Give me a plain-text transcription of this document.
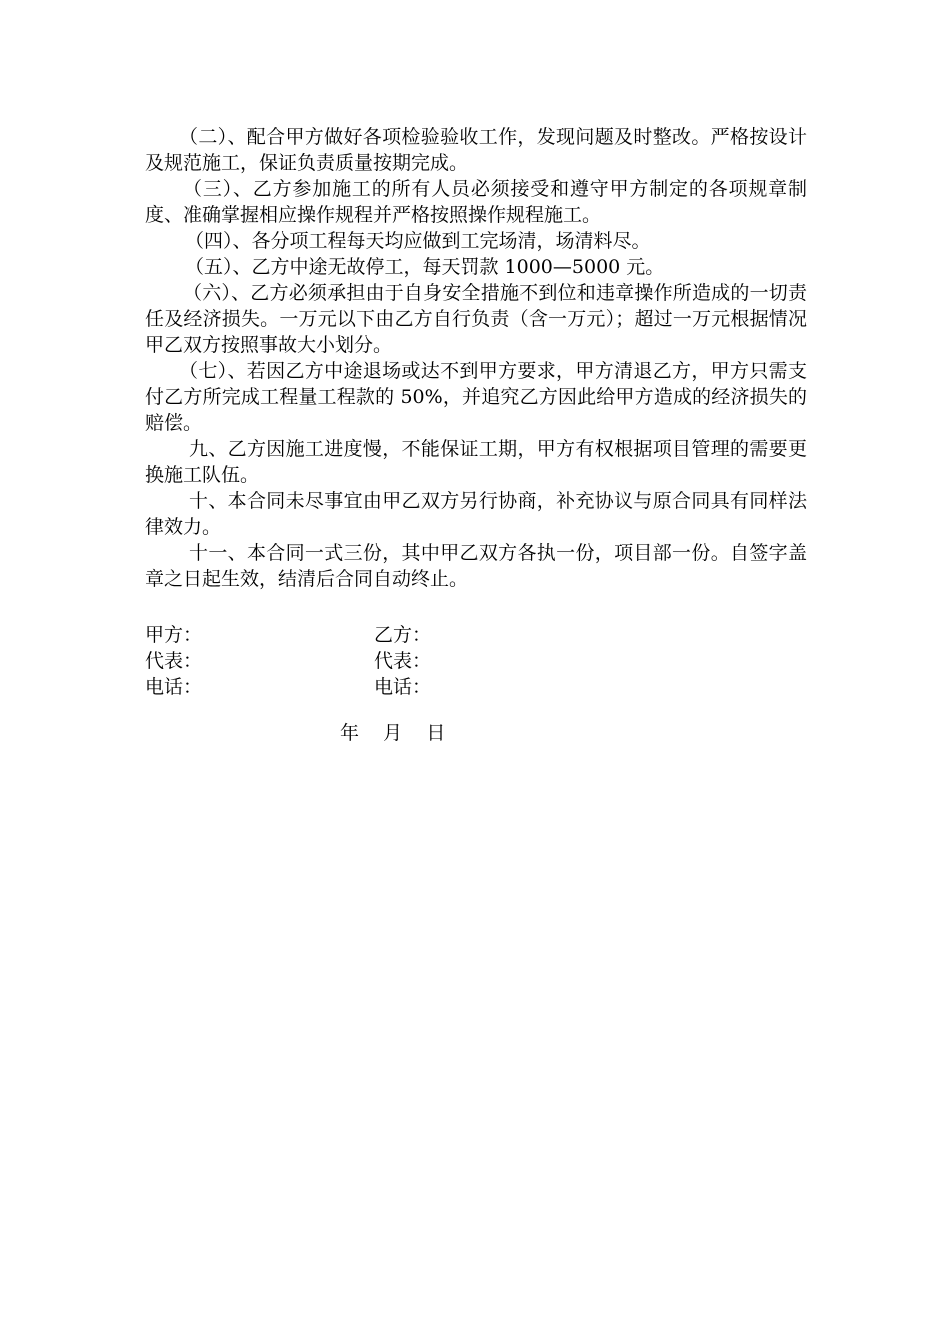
（二）、配合甲方做好各项检验验收工作，发现问题及时整改。严格按设计及规范施工，保证负责质量按期完成。

（三）、乙方参加施工的所有人员必须接受和遵守甲方制定的各项规章制度、准确掌握相应操作规程并严格按照操作规程施工。

（四）、各分项工程每天均应做到工完场清，场清料尽。

（五）、乙方中途无故停工，每天罚款 1000—5000 元。

（六）、乙方必须承担由于自身安全措施不到位和违章操作所造成的一切责任及经济损失。一万元以下由乙方自行负责（含一万元）；超过一万元根据情况甲乙双方按照事故大小划分。

（七）、若因乙方中途退场或达不到甲方要求，甲方清退乙方，甲方只需支付乙方所完成工程量工程款的 50%，并追究乙方因此给甲方造成的经济损失的赔偿。

九、乙方因施工进度慢，不能保证工期，甲方有权根据项目管理的需要更换施工队伍。

十、本合同未尽事宜由甲乙双方另行协商，补充协议与原合同具有同样法律效力。

十一、本合同一式三份，其中甲乙双方各执一份，项目部一份。自签字盖章之日起生效，结清后合同自动终止。

甲方：	乙方：
代表：	代表：
电话：	电话：
年    月    日
